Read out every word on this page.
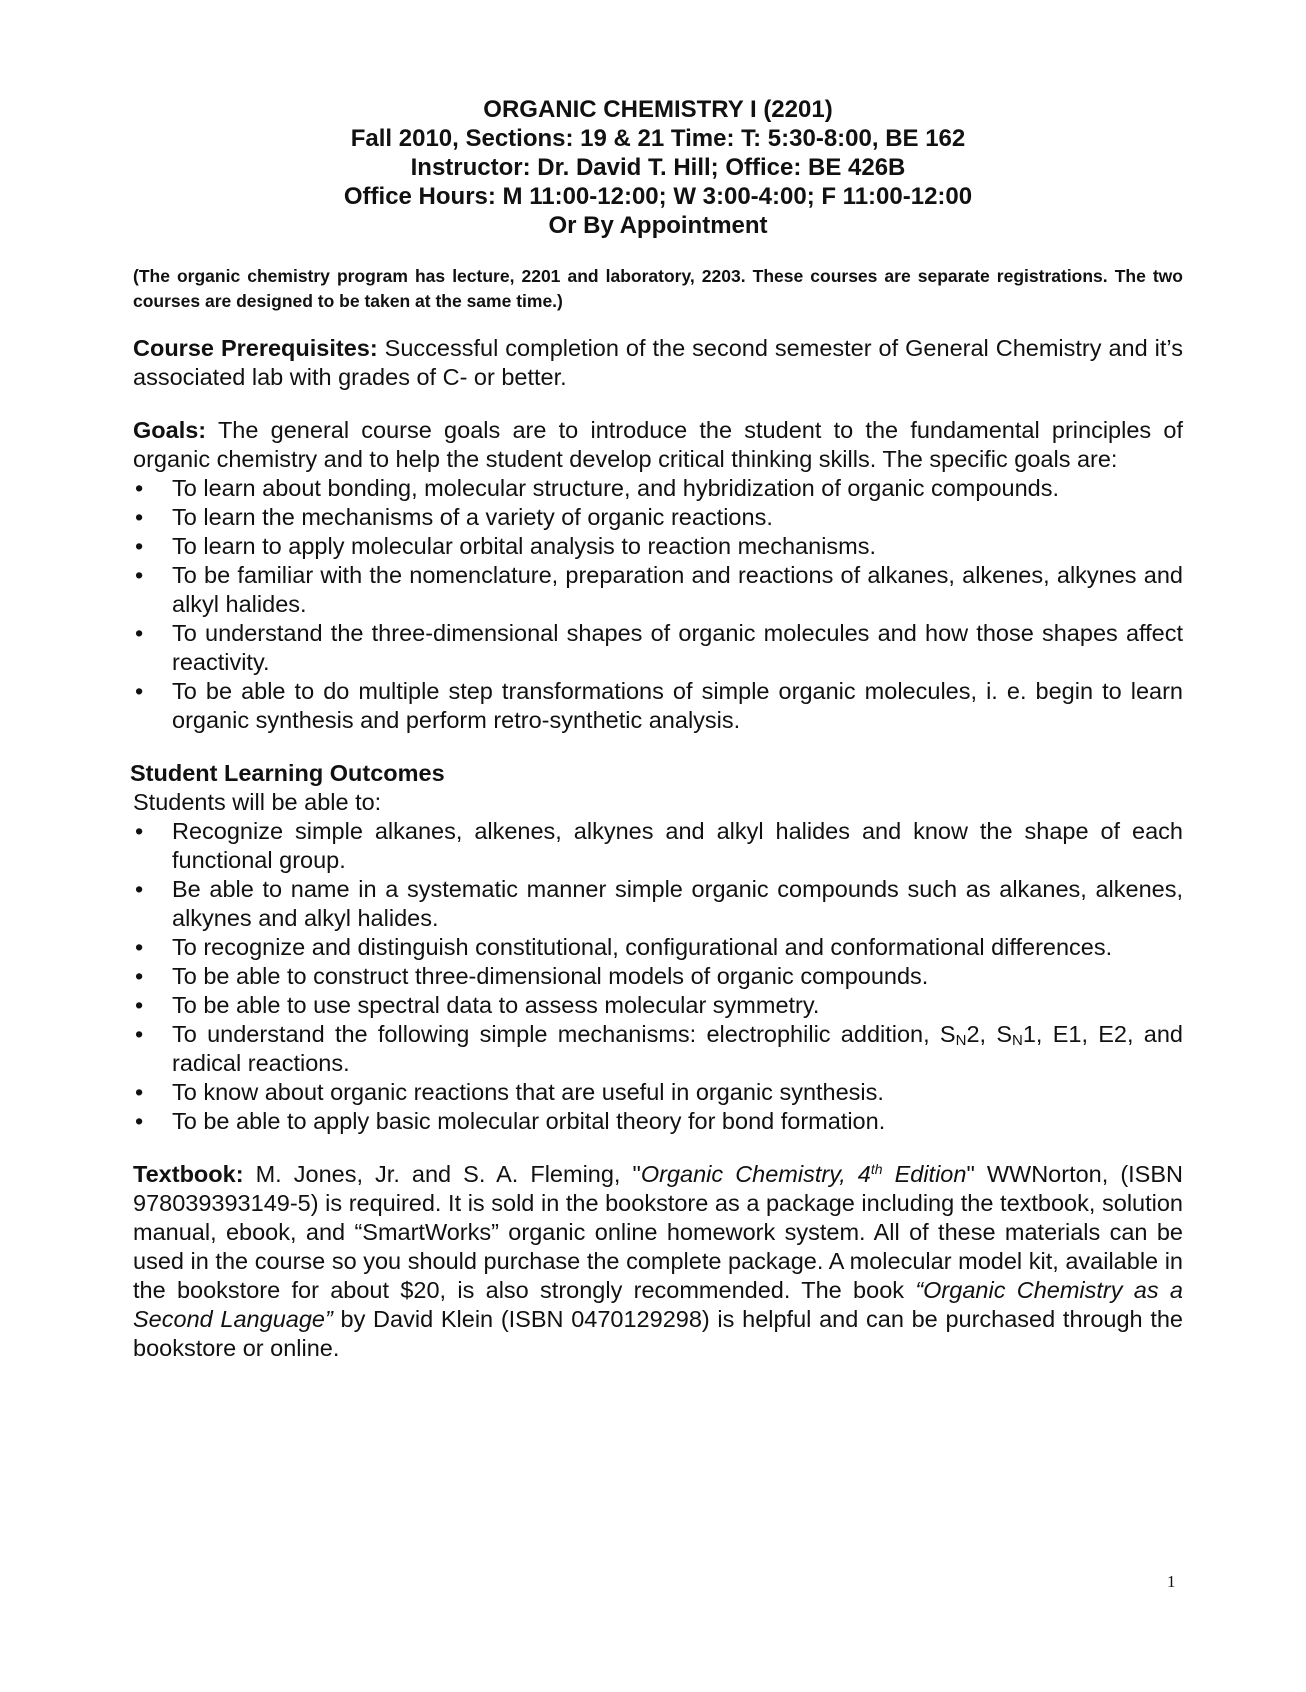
ORGANIC CHEMISTRY I (2201)
Fall 2010, Sections: 19 & 21 Time: T: 5:30-8:00, BE 162
Instructor: Dr. David T. Hill; Office: BE 426B
Office Hours: M 11:00-12:00; W 3:00-4:00; F 11:00-12:00
Or By Appointment
(The organic chemistry program has lecture, 2201 and laboratory, 2203. These courses are separate registrations. The two courses are designed to be taken at the same time.)
Course Prerequisites: Successful completion of the second semester of General Chemistry and it’s associated lab with grades of C- or better.
Goals: The general course goals are to introduce the student to the fundamental principles of organic chemistry and to help the student develop critical thinking skills. The specific goals are:
• To learn about bonding, molecular structure, and hybridization of organic compounds.
• To learn the mechanisms of a variety of organic reactions.
• To learn to apply molecular orbital analysis to reaction mechanisms.
• To be familiar with the nomenclature, preparation and reactions of alkanes, alkenes, alkynes and alkyl halides.
• To understand the three-dimensional shapes of organic molecules and how those shapes affect reactivity.
• To be able to do multiple step transformations of simple organic molecules, i. e. begin to learn organic synthesis and perform retro-synthetic analysis.
Student Learning Outcomes
Students will be able to:
• Recognize simple alkanes, alkenes, alkynes and alkyl halides and know the shape of each functional group.
• Be able to name in a systematic manner simple organic compounds such as alkanes, alkenes, alkynes and alkyl halides.
• To recognize and distinguish constitutional, configurational and conformational differences.
• To be able to construct three-dimensional models of organic compounds.
• To be able to use spectral data to assess molecular symmetry.
• To understand the following simple mechanisms: electrophilic addition, $S_N2$, $S_N1$, E1, E2, and radical reactions.
• To know about organic reactions that are useful in organic synthesis.
• To be able to apply basic molecular orbital theory for bond formation.
Textbook: M. Jones, Jr. and S. A. Fleming, "Organic Chemistry, 4th Edition" WWNorton, (ISBN 978039393149-5) is required. It is sold in the bookstore as a package including the textbook, solution manual, ebook, and “SmartWorks” organic online homework system. All of these materials can be used in the course so you should purchase the complete package. A molecular model kit, available in the bookstore for about $20, is also strongly recommended. The book “Organic Chemistry as a Second Language” by David Klein (ISBN 0470129298) is helpful and can be purchased through the bookstore or online.
1
